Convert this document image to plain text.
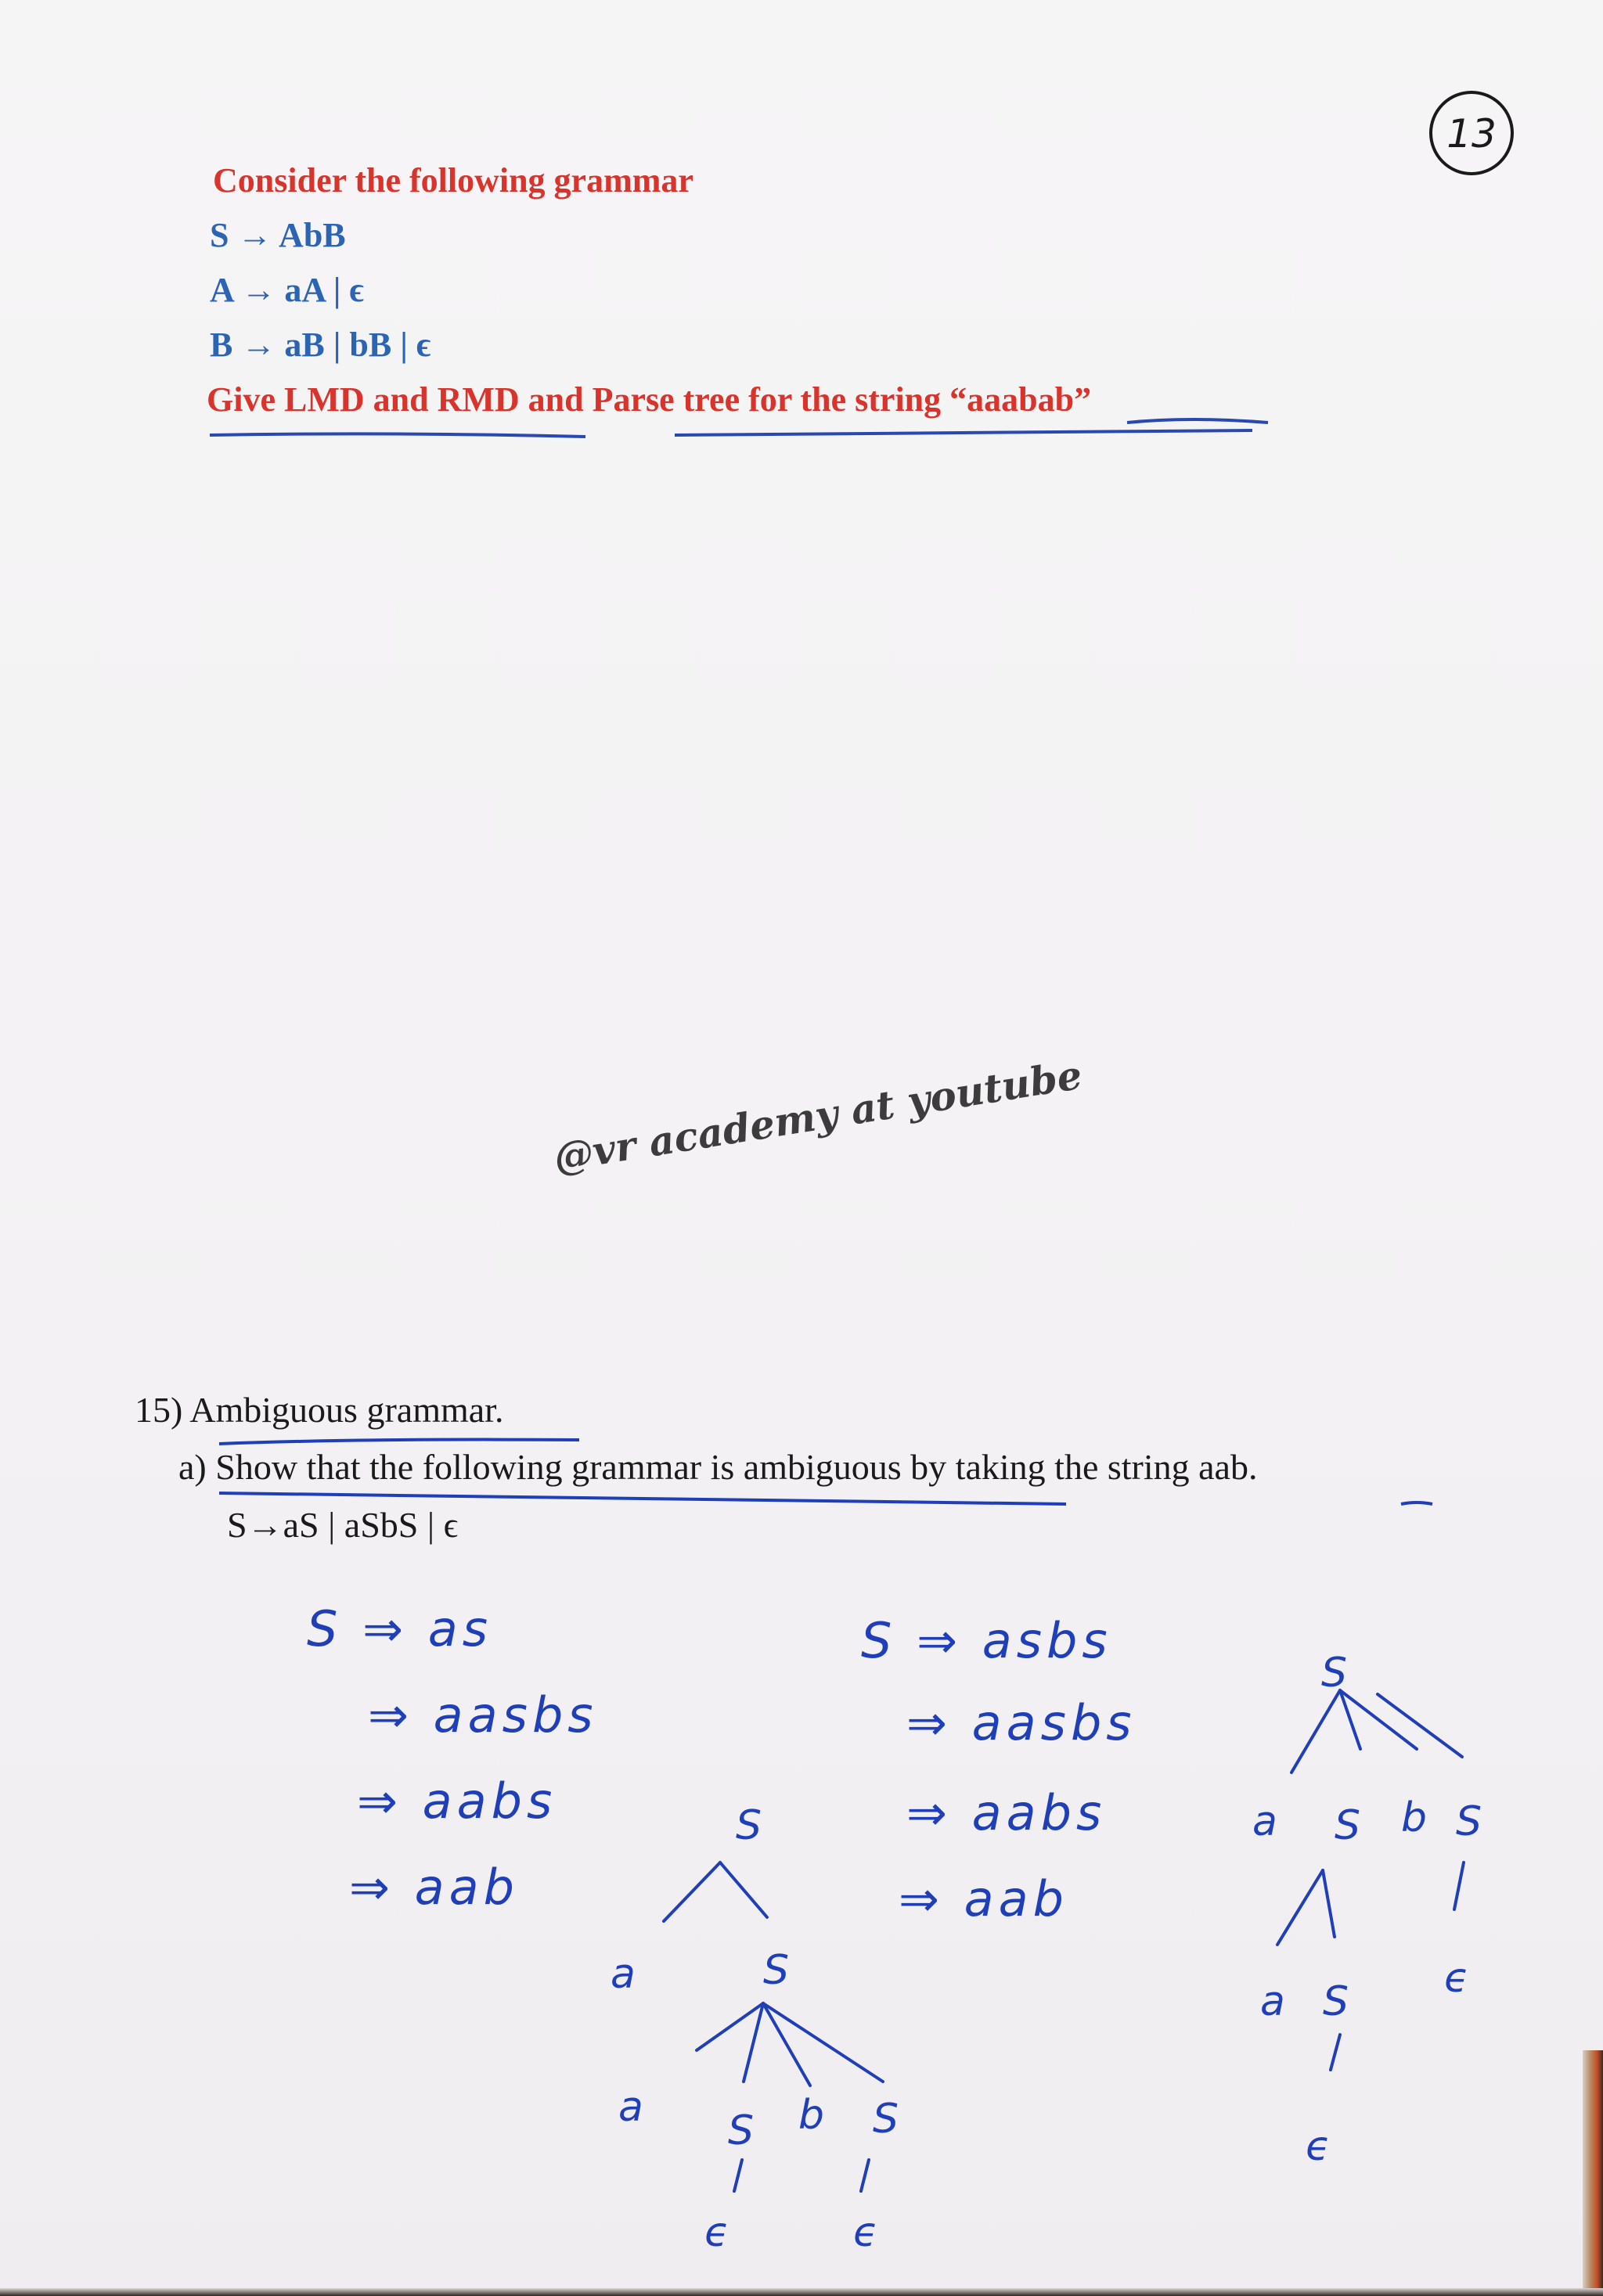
13
Consider the following grammar
S → AbB
A → aA | ϵ
B → aB | bB | ϵ
Give LMD and RMD and Parse tree for the string “aaabab”
@vr academy at youtube
15) Ambiguous grammar.
a) Show that the following grammar is ambiguous by taking the string aab.
S→aS | aSbS | ϵ
S ⇒ as
⇒ aasbs
⇒ aabs
⇒ aab
S ⇒ asbs
⇒ aasbs
⇒ aabs
⇒ aab
S
a	S
a S b S
ϵ	ϵ
S
a S b S
a S ϵ
ϵ
